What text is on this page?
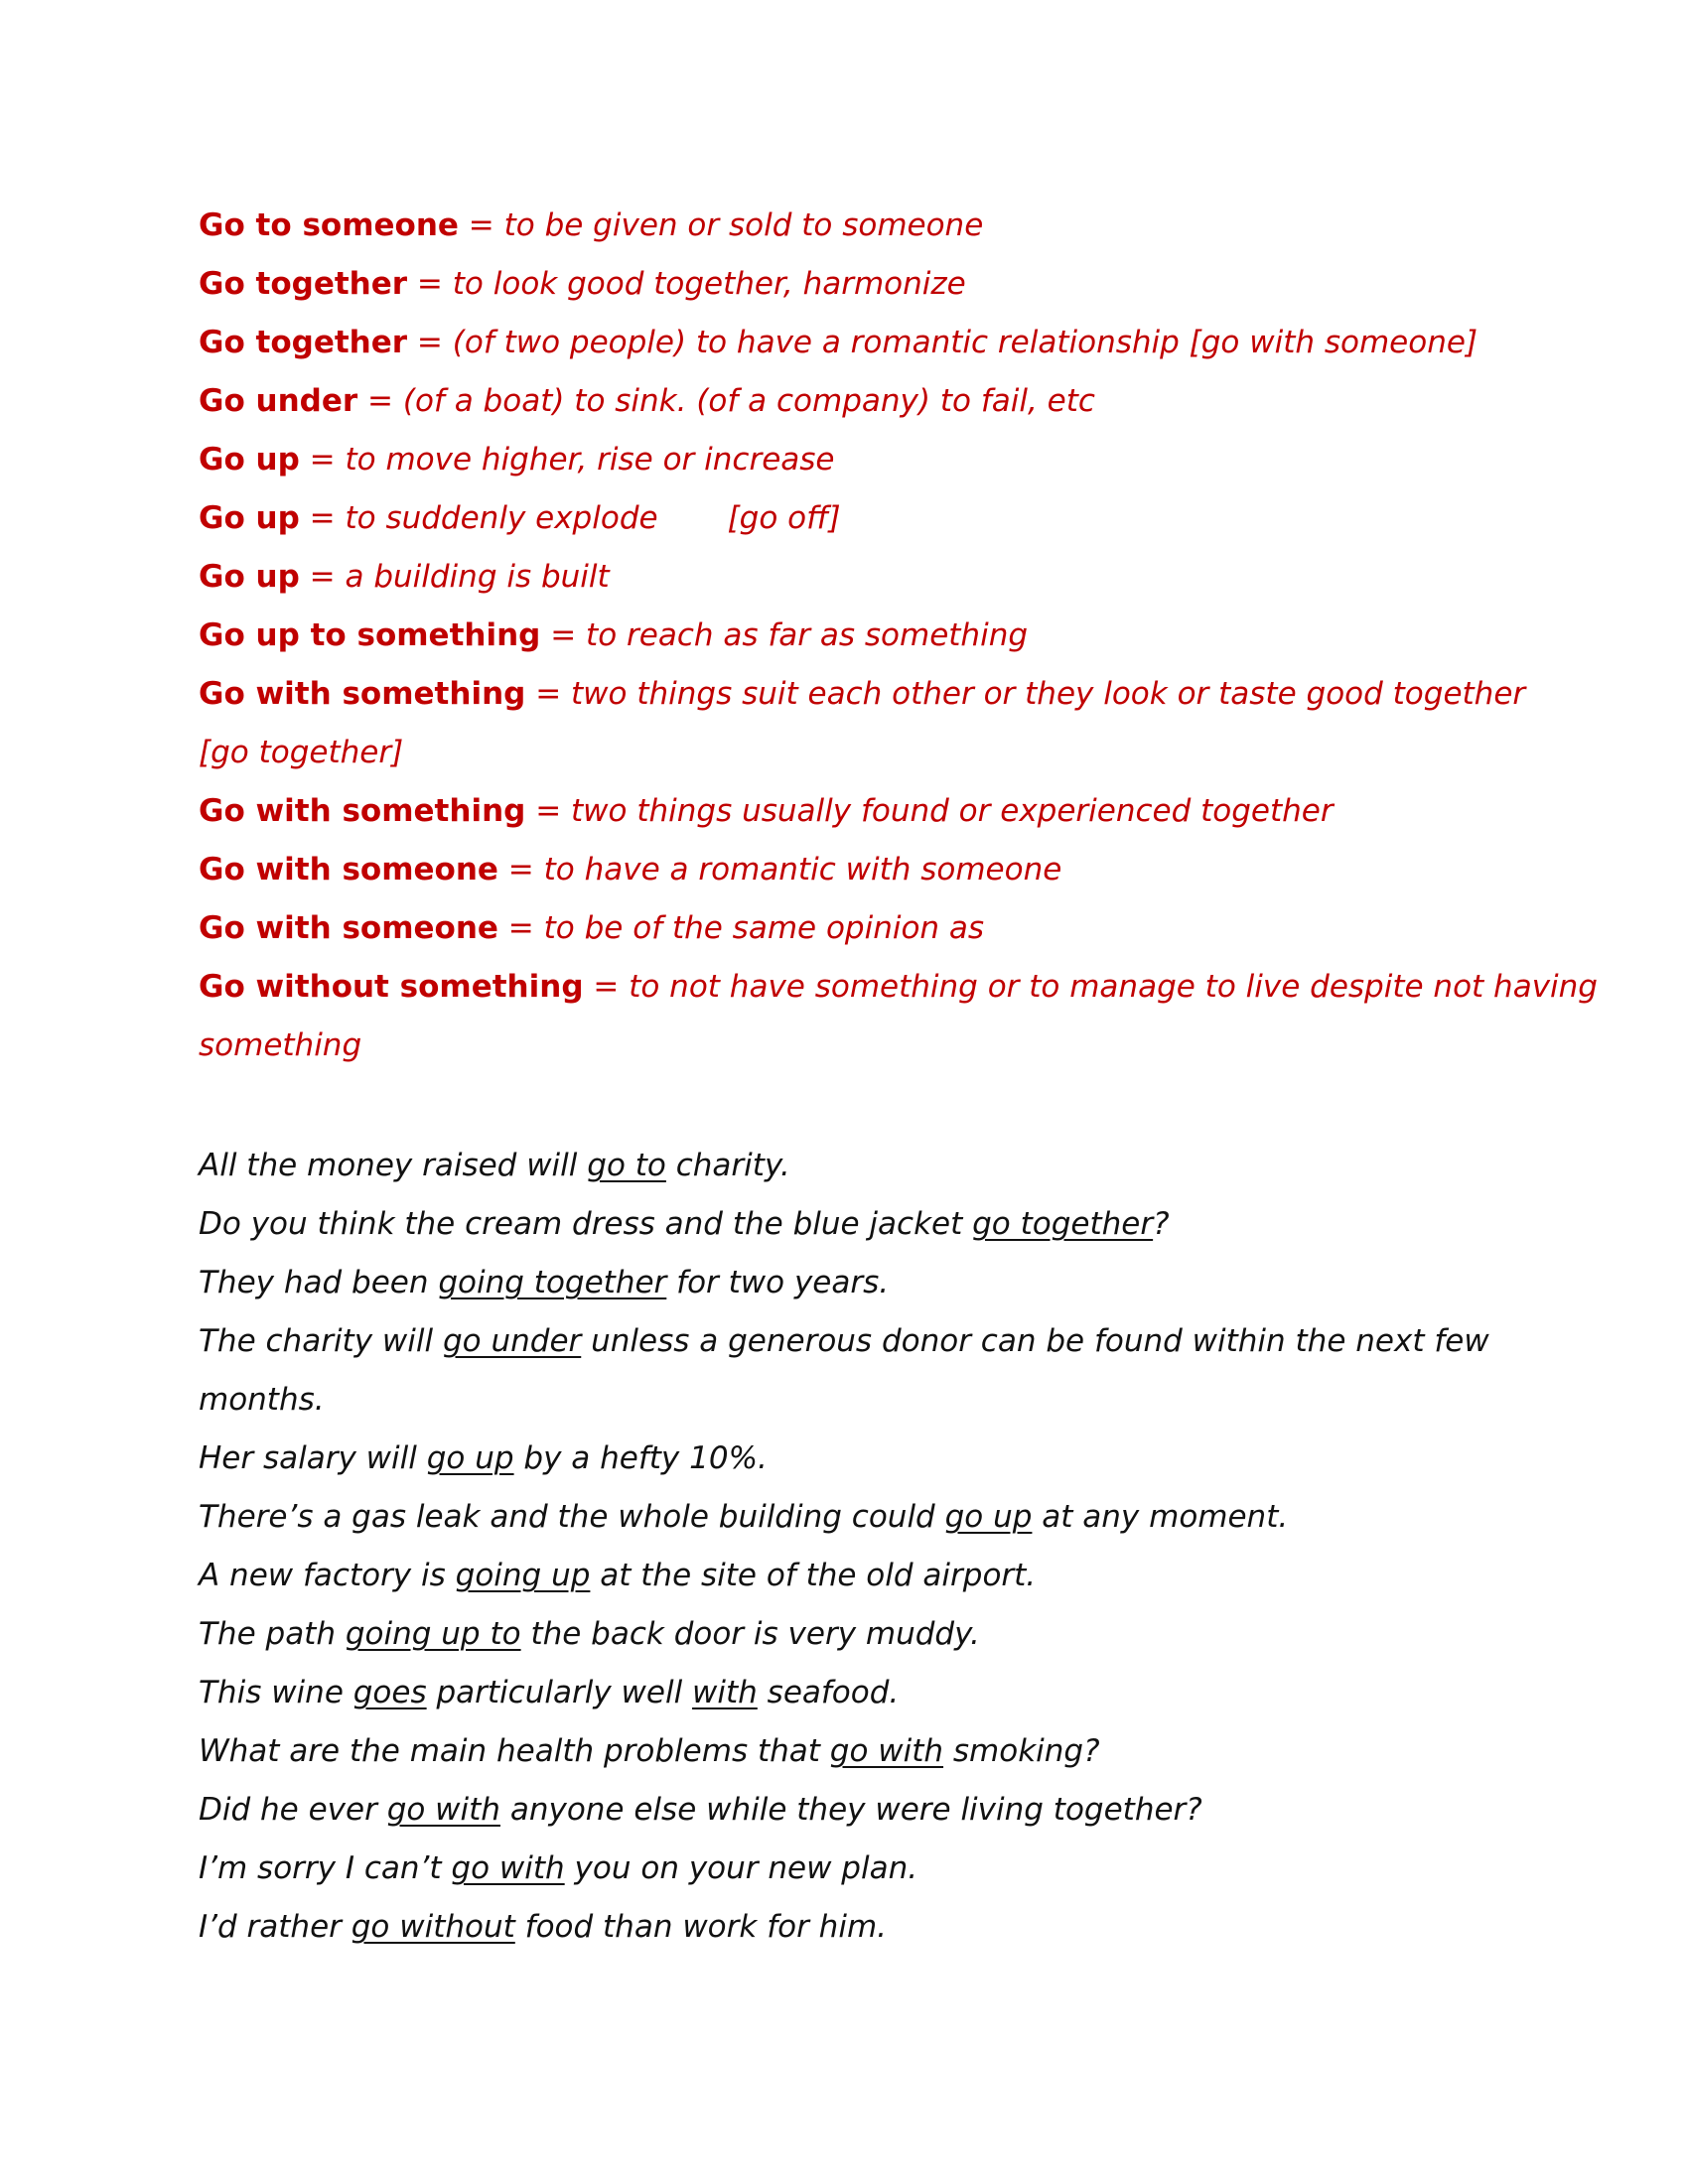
Go to someone = to be given or sold to someone
Go together = to look good together, harmonize
Go together = (of two people) to have a romantic relationship [go with someone]
Go under = (of a boat) to sink. (of a company) to fail, etc
Go up = to move higher, rise or increase
Go up = to suddenly explode [go off]
Go up = a building is built
Go up to something = to reach as far as something
Go with something = two things suit each other or they look or taste good together
[go together]
Go with something = two things usually found or experienced together
Go with someone = to have a romantic with someone
Go with someone = to be of the same opinion as
Go without something = to not have something or to manage to live despite not having
something
All the money raised will go to charity.
Do you think the cream dress and the blue jacket go together?
They had been going together for two years.
The charity will go under unless a generous donor can be found within the next few
months.
Her salary will go up by a hefty 10%.
There’s a gas leak and the whole building could go up at any moment.
A new factory is going up at the site of the old airport.
The path going up to the back door is very muddy.
This wine goes particularly well with seafood.
What are the main health problems that go with smoking?
Did he ever go with anyone else while they were living together?
I’m sorry I can’t go with you on your new plan.
I’d rather go without food than work for him.
